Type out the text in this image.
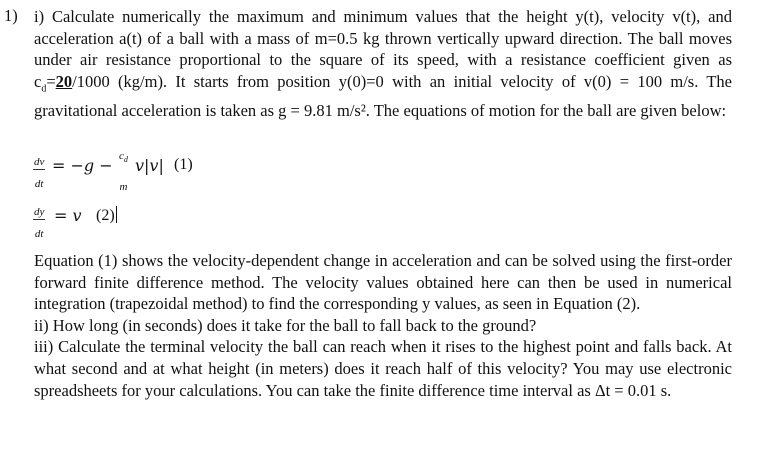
1) i) Calculate numerically the maximum and minimum values that the height y(t), velocity v(t), and acceleration a(t) of a ball with a mass of m=0.5 kg thrown vertically upward direction. The ball moves under air resistance proportional to the square of its speed, with a resistance coefficient given as $c_d=20/1000$ (kg/m). It starts from position y(0)=0 with an initial velocity of v(0) = 100 m/s. The gravitational acceleration is taken as g = 9.81 m/s². The equations of motion for the ball are given below:
$\frac{dv}{dt} = -g - c_d$
m
v|v| (1)
$\frac{dy}{dt} = v$ (2)
Equation (1) shows the velocity-dependent change in acceleration and can be solved using the first-order forward finite difference method. The velocity values obtained here can then be used in numerical integration (trapezoidal method) to find the corresponding y values, as seen in Equation (2).
ii) How long (in seconds) does it take for the ball to fall back to the ground?
iii) Calculate the terminal velocity the ball can reach when it rises to the highest point and falls back. At what second and at what height (in meters) does it reach half of this velocity? You may use electronic spreadsheets for your calculations. You can take the finite difference time interval as Δt = 0.01 s.
